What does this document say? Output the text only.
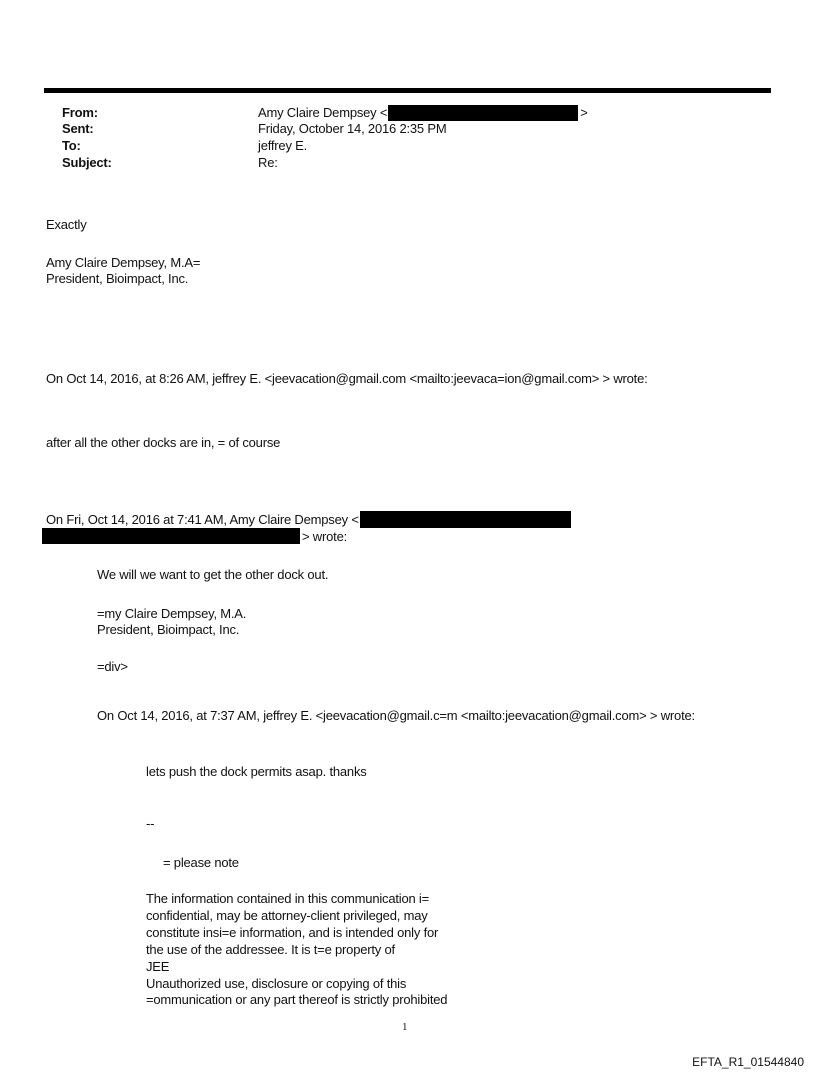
From:	Amy Claire Dempsey <	>
Sent:	Friday, October 14, 2016 2:35 PM
To:	jeffrey E.
Subject:	Re:
Exactly
Amy Claire Dempsey, M.A=
President, Bioimpact, Inc.
On Oct 14, 2016, at 8:26 AM, jeffrey E. <jeevacation@gmail.com <mailto:jeevaca=ion@gmail.com> > wrote:
after all the other docks are in, = of course
On Fri, Oct 14, 2016 at 7:41 AM, Amy Claire Dempsey <
> wrote:
We will we want to get the other dock out.
=my Claire Dempsey, M.A.
President, Bioimpact, Inc.
=div>
On Oct 14, 2016, at 7:37 AM, jeffrey E. <jeevacation@gmail.c=m <mailto:jeevacation@gmail.com> > wrote:
lets push the dock permits asap. thanks
--
= please note
The information contained in this communication i=
confidential, may be attorney-client privileged, may
constitute insi=e information, and is intended only for
the use of the addressee. It is t=e property of
JEE
Unauthorized use, disclosure or copying of this
=ommunication or any part thereof is strictly prohibited
1
EFTA_R1_01544840
